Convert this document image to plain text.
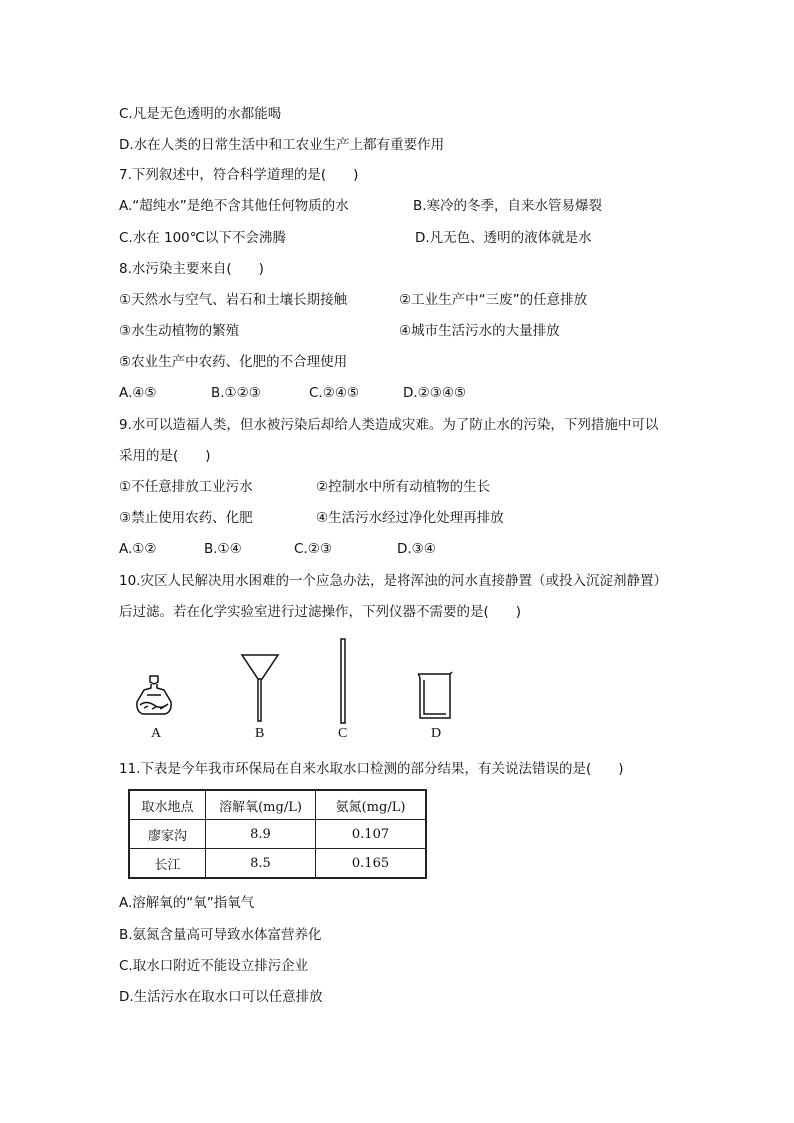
C.凡是无色透明的水都能喝
D.水在人类的日常生活中和工农业生产上都有重要作用
7.下列叙述中，符合科学道理的是(　　)
A.“超纯水”是绝不含其他任何物质的水	B.寒冷的冬季，自来水管易爆裂
C.水在 100℃以下不会沸腾	D.凡无色、透明的液体就是水
8.水污染主要来自(　　)
①天然水与空气、岩石和土壤长期接触	②工业生产中“三废”的任意排放
③水生动植物的繁殖	④城市生活污水的大量排放
⑤农业生产中农药、化肥的不合理使用
A.④⑤	B.①②③	C.②④⑤	D.②③④⑤
9.水可以造福人类，但水被污染后却给人类造成灾难。为了防止水的污染，下列措施中可以
采用的是(　　)
①不任意排放工业污水	②控制水中所有动植物的生长
③禁止使用农药、化肥	④生活污水经过净化处理再排放
A.①②	B.①④	C.②③	D.③④
10.灾区人民解决用水困难的一个应急办法，是将浑浊的河水直接静置（或投入沉淀剂静置）
后过滤。若在化学实验室进行过滤操作，下列仪器不需要的是(　　)
A	B	C	D
11.下表是今年我市环保局在自来水取水口检测的部分结果，有关说法错误的是(　　)
取水地点	溶解氧(mg/L)	氨氮(mg/L)
廖家沟	8.9	0.107
长江	8.5	0.165
A.溶解氧的“氧”指氧气
B.氨氮含量高可导致水体富营养化
C.取水口附近不能设立排污企业
D.生活污水在取水口可以任意排放
